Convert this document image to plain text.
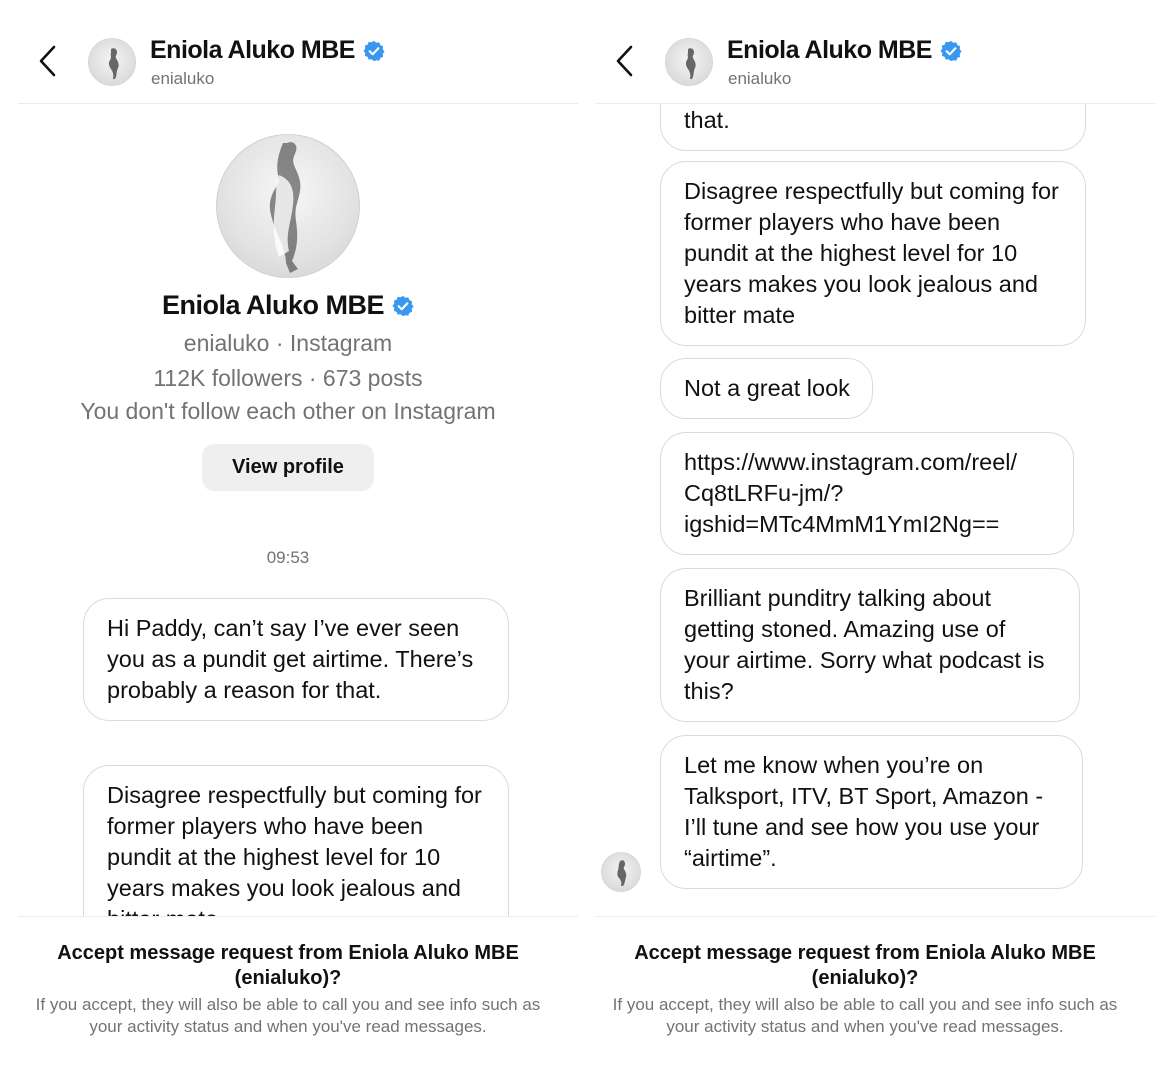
Eniola Aluko MBE
enialuko
Eniola Aluko MBE
enialuko · Instagram
112K followers · 673 posts
You don't follow each other on Instagram
View profile
09:53
Hi Paddy, can’t say I’ve ever seen you as a pundit get airtime. There’s probably a reason for that.
Disagree respectfully but coming for former players who have been pundit at the highest level for 10 years makes you look jealous and
Accept message request from Eniola Aluko MBE (enialuko)?
If you accept, they will also be able to call you and see info such as your activity status and when you've read messages.
Eniola Aluko MBE
enialuko
that.
Disagree respectfully but coming for former players who have been pundit at the highest level for 10 years makes you look jealous and bitter mate
Not a great look
https://www.instagram.com/reel/ Cq8tLRFu-jm/? igshid=MTc4MmM1YmI2Ng==
Brilliant punditry talking about getting stoned. Amazing use of your airtime. Sorry what podcast is this?
Let me know when you’re on Talksport, ITV, BT Sport, Amazon - I’ll tune and see how you use your “airtime”.
Accept message request from Eniola Aluko MBE (enialuko)?
If you accept, they will also be able to call you and see info such as your activity status and when you've read messages.
